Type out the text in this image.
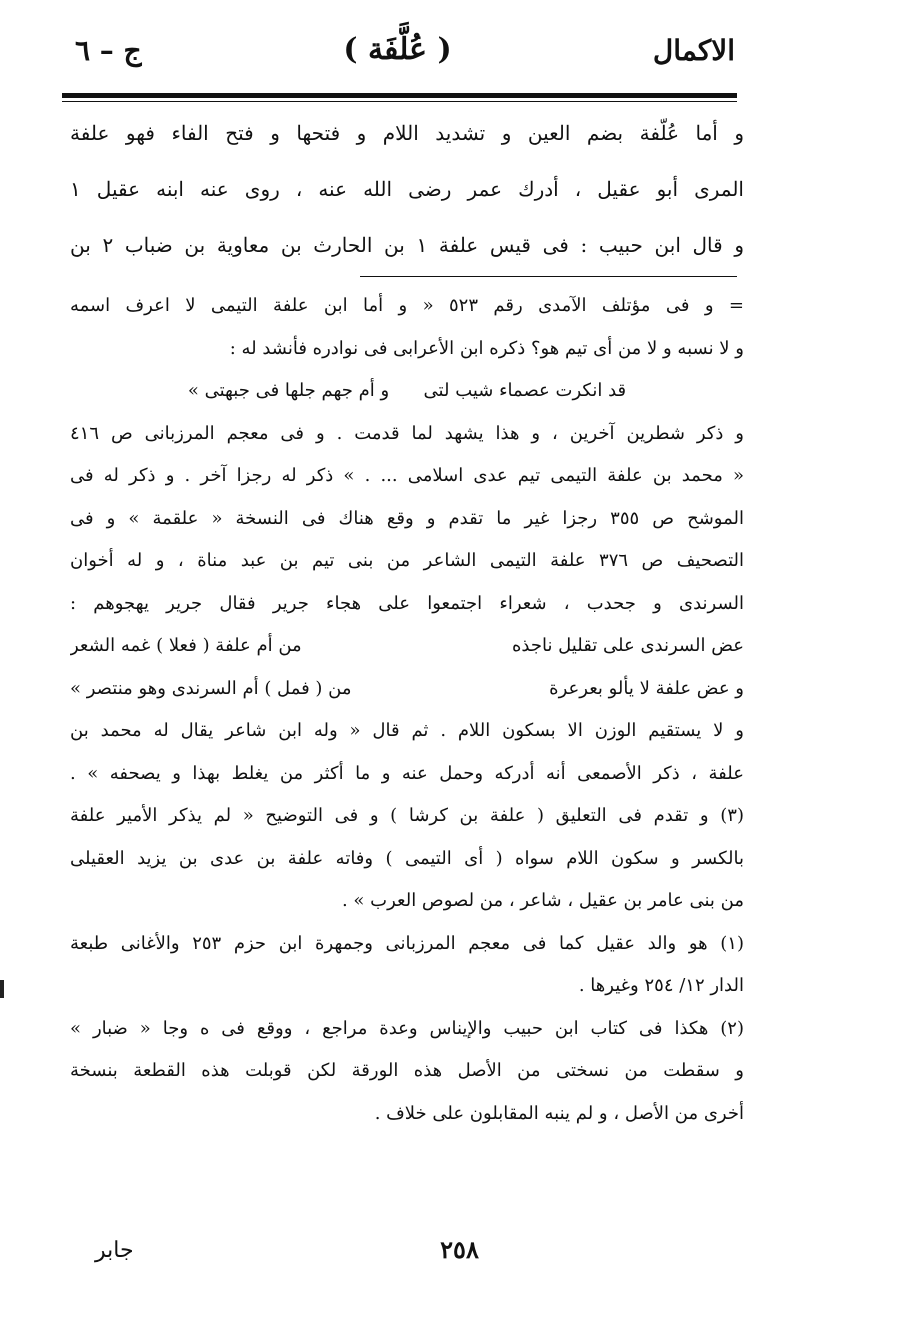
الاكمال
( عُلَّفَة )
ج – ٦
و أما عُلّفة بضم العين و تشديد اللام و فتحها و فتح الفاء فهو علفة
المرى أبو عقيل ، أدرك عمر رضى الله عنه ، روى عنه ابنه عقيل ١
و قال ابن حبيب : فى قيس علفة ١ بن الحارث بن معاوية بن ضباب ٢ بن
= و فى مؤتلف الآمدى رقم ٥٢٣ « و أما ابن علفة التيمى لا اعرف اسمه
و لا نسبه و لا من أى تيم هو؟ ذكره ابن الأعرابى فى نوادره فأنشد له :
قد انكرت عصماء شيب لتى      و أم جهم جلها فى جبهتى »
و ذكر شطرين آخرين ، و هذا يشهد لما قدمت . و فى معجم المرزبانى ص ٤١٦
« محمد بن علفة التيمى تيم عدى اسلامى ... . » ذكر له رجزا آخر . و ذكر له فى
الموشح ص ٣٥٥ رجزا غير ما تقدم و وقع هناك فى النسخة « علقمة » و فى
التصحيف ص ٣٧٦ علفة التيمى الشاعر من بنى تيم بن عبد مناة ، و له أخوان
السرندى و جحدب ، شعراء اجتمعوا على هجاء جرير فقال جرير يهجوهم :
عض السرندى على تقليل ناجذه
من أم علفة ( فعلا ) غمه الشعر
و عض علفة لا يألو بعرعرة
من ( فمل ) أم السرندى وهو منتصر »
و لا يستقيم الوزن الا بسكون اللام . ثم قال « وله ابن شاعر يقال له محمد بن
علفة ، ذكر الأصمعى أنه أدركه وحمل عنه و ما أكثر من يغلط بهذا و يصحفه » .
(٣) و تقدم فى التعليق ( علفة بن كرشا ) و فى التوضيح « لم يذكر الأمير علفة
بالكسر و سكون اللام سواه ( أى التيمى ) وفاته علفة بن عدى بن يزيد العقيلى
من بنى عامر بن عقيل ، شاعر ، من لصوص العرب » .
(١) هو والد عقيل كما فى معجم المرزبانى وجمهرة ابن حزم ٢٥٣ والأغانى طبعة
الدار ١٢/ ٢٥٤ وغيرها .
(٢) هكذا فى كتاب ابن حبيب والإيناس وعدة مراجع ، ووقع فى ه وجا « ضبار »
و سقطت من نسختى من الأصل هذه الورقة لكن قوبلت هذه القطعة بنسخة
أخرى من الأصل ، و لم ينبه المقابلون على خلاف .
٢٥٨
جابر
